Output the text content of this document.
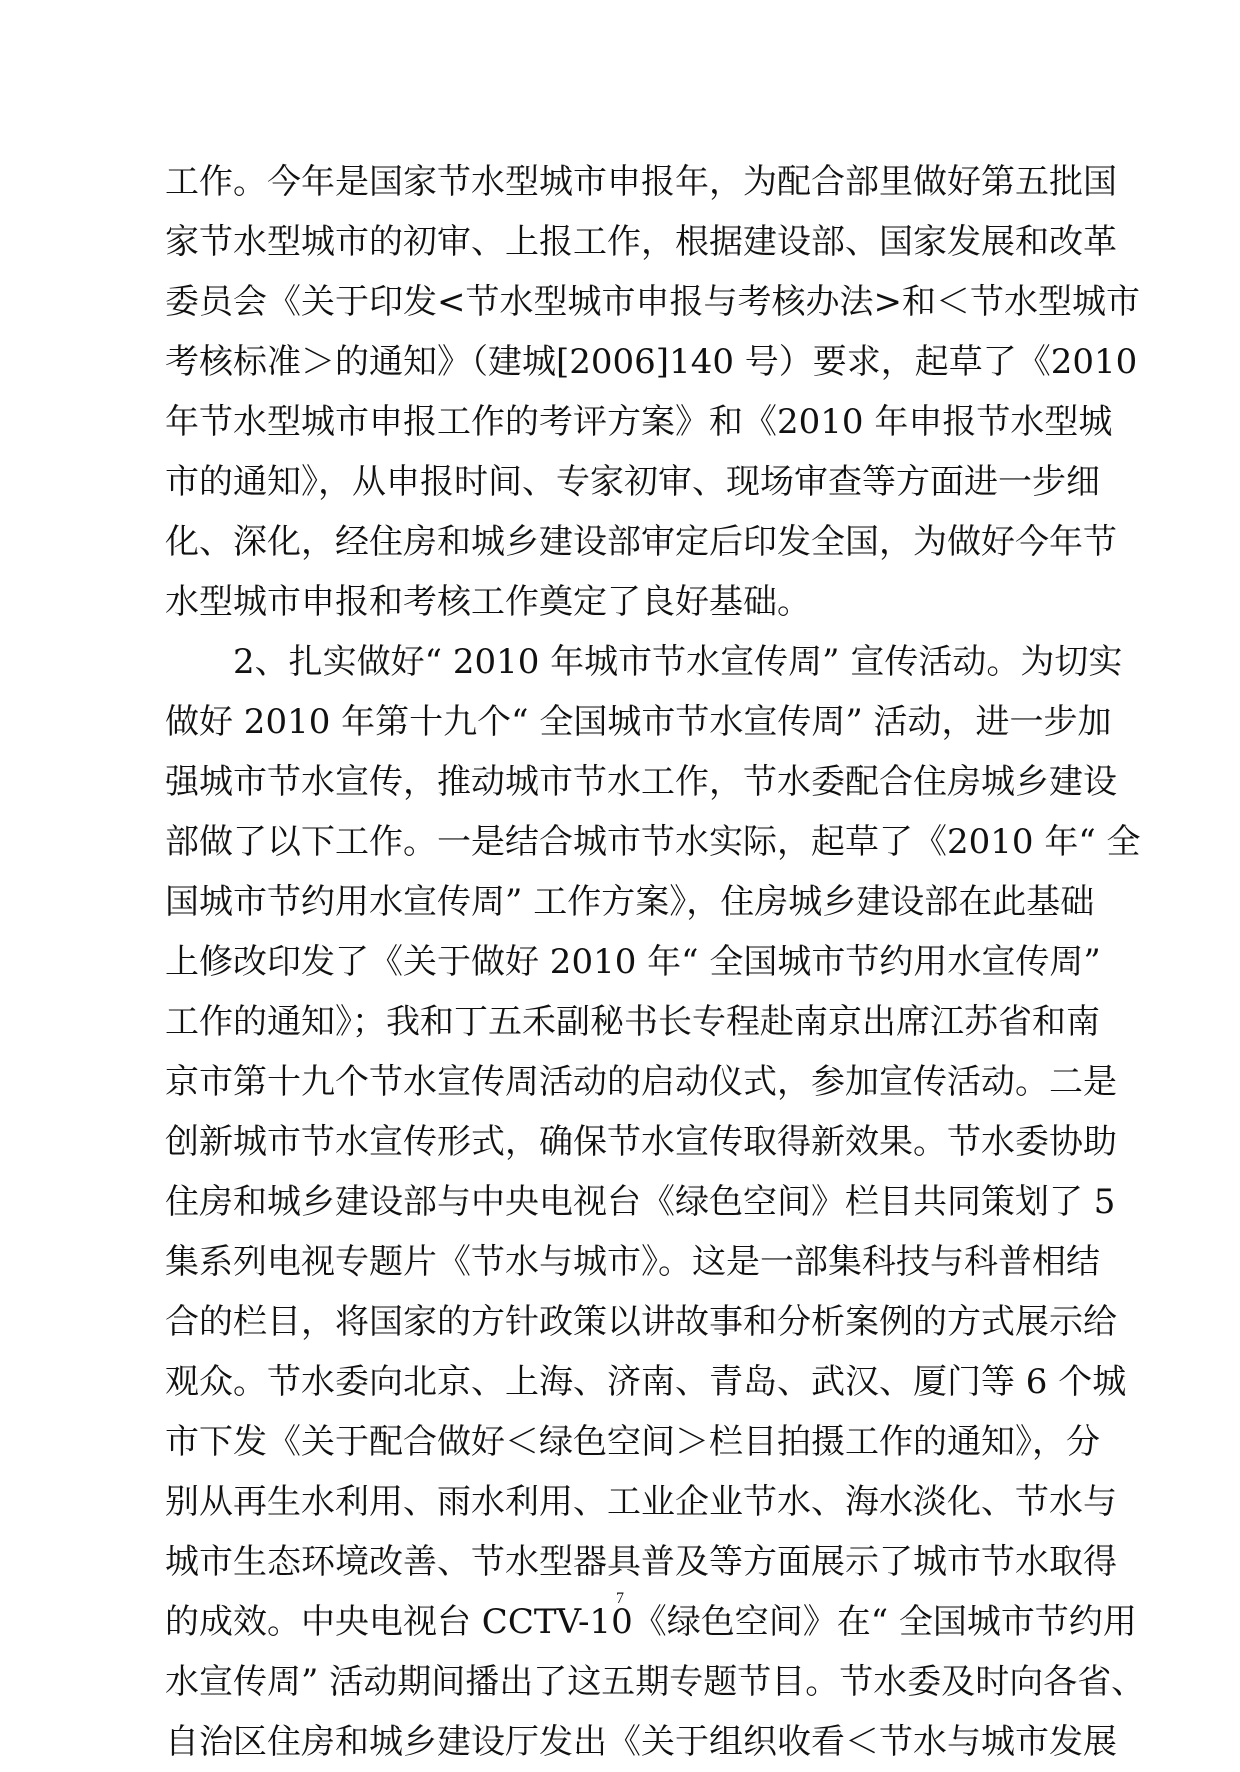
工作。今年是国家节水型城市申报年，为配合部里做好第五批国
家节水型城市的初审、上报工作，根据建设部、国家发展和改革
委员会《关于印发<节水型城市申报与考核办法>和＜节水型城市
考核标准＞的通知》（建城[2006]140 号）要求，起草了《2010
年节水型城市申报工作的考评方案》和《2010 年申报节水型城
市的通知》，从申报时间、专家初审、现场审查等方面进一步细
化、深化，经住房和城乡建设部审定后印发全国，为做好今年节
水型城市申报和考核工作奠定了良好基础。
2、扎实做好“ 2010 年城市节水宣传周” 宣传活动。为切实
做好 2010 年第十九个“ 全国城市节水宣传周” 活动，进一步加
强城市节水宣传，推动城市节水工作，节水委配合住房城乡建设
部做了以下工作。一是结合城市节水实际，起草了《2010 年“ 全
国城市节约用水宣传周” 工作方案》，住房城乡建设部在此基础
上修改印发了《关于做好 2010 年“ 全国城市节约用水宣传周”
工作的通知》；我和丁五禾副秘书长专程赴南京出席江苏省和南
京市第十九个节水宣传周活动的启动仪式，参加宣传活动。二是
创新城市节水宣传形式，确保节水宣传取得新效果。节水委协助
住房和城乡建设部与中央电视台《绿色空间》栏目共同策划了 5
集系列电视专题片《节水与城市》。这是一部集科技与科普相结
合的栏目，将国家的方针政策以讲故事和分析案例的方式展示给
观众。节水委向北京、上海、济南、青岛、武汉、厦门等 6 个城
市下发《关于配合做好＜绿色空间＞栏目拍摄工作的通知》，分
别从再生水利用、雨水利用、工业企业节水、海水淡化、节水与
城市生态环境改善、节水型器具普及等方面展示了城市节水取得
的成效。中央电视台 CCTV-10《绿色空间》在“ 全国城市节约用
水宣传周” 活动期间播出了这五期专题节目。节水委及时向各省、
自治区住房和城乡建设厅发出《关于组织收看＜节水与城市发展
7
